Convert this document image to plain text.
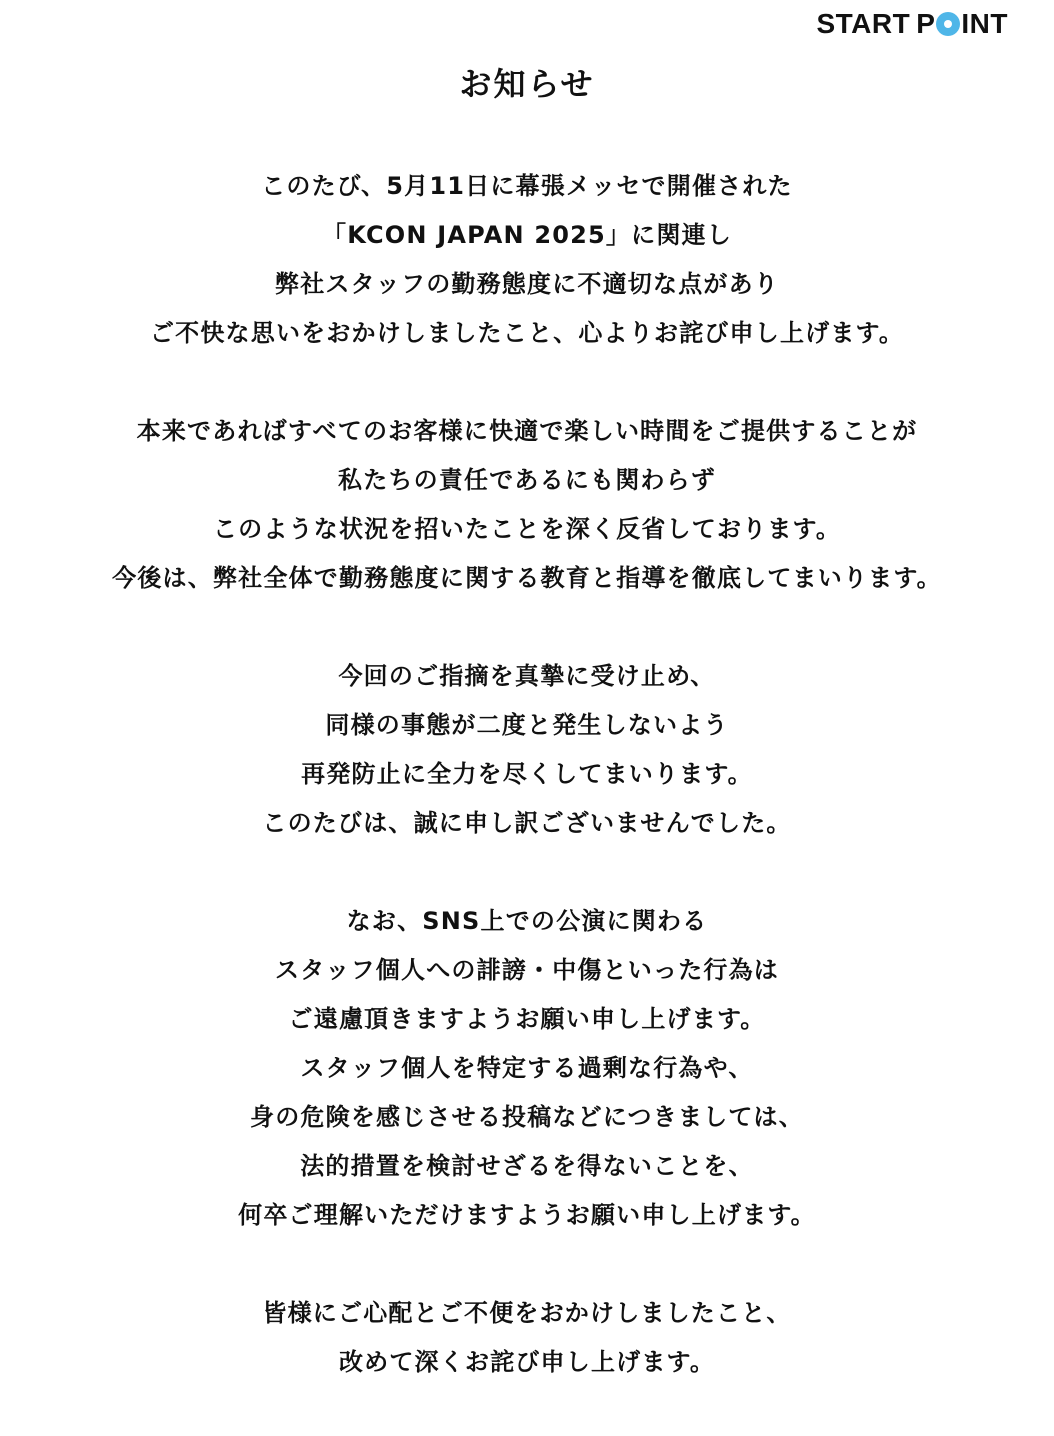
START P INT
お知らせ
このたび、5月11日に幕張メッセで開催された
「KCON JAPAN 2025」に関連し
弊社スタッフの勤務態度に不適切な点があり
ご不快な思いをおかけしましたこと、心よりお詫び申し上げます。
本来であればすべてのお客様に快適で楽しい時間をご提供することが
私たちの責任であるにも関わらず
このような状況を招いたことを深く反省しております。
今後は、弊社全体で勤務態度に関する教育と指導を徹底してまいります。
今回のご指摘を真摯に受け止め、
同様の事態が二度と発生しないよう
再発防止に全力を尽くしてまいります。
このたびは、誠に申し訳ございませんでした。
なお、SNS上での公演に関わる
スタッフ個人への誹謗・中傷といった行為は
ご遠慮頂きますようお願い申し上げます。
スタッフ個人を特定する過剰な行為や、
身の危険を感じさせる投稿などにつきましては、
法的措置を検討せざるを得ないことを、
何卒ご理解いただけますようお願い申し上げます。
皆様にご心配とご不便をおかけしましたこと、
改めて深くお詫び申し上げます。
